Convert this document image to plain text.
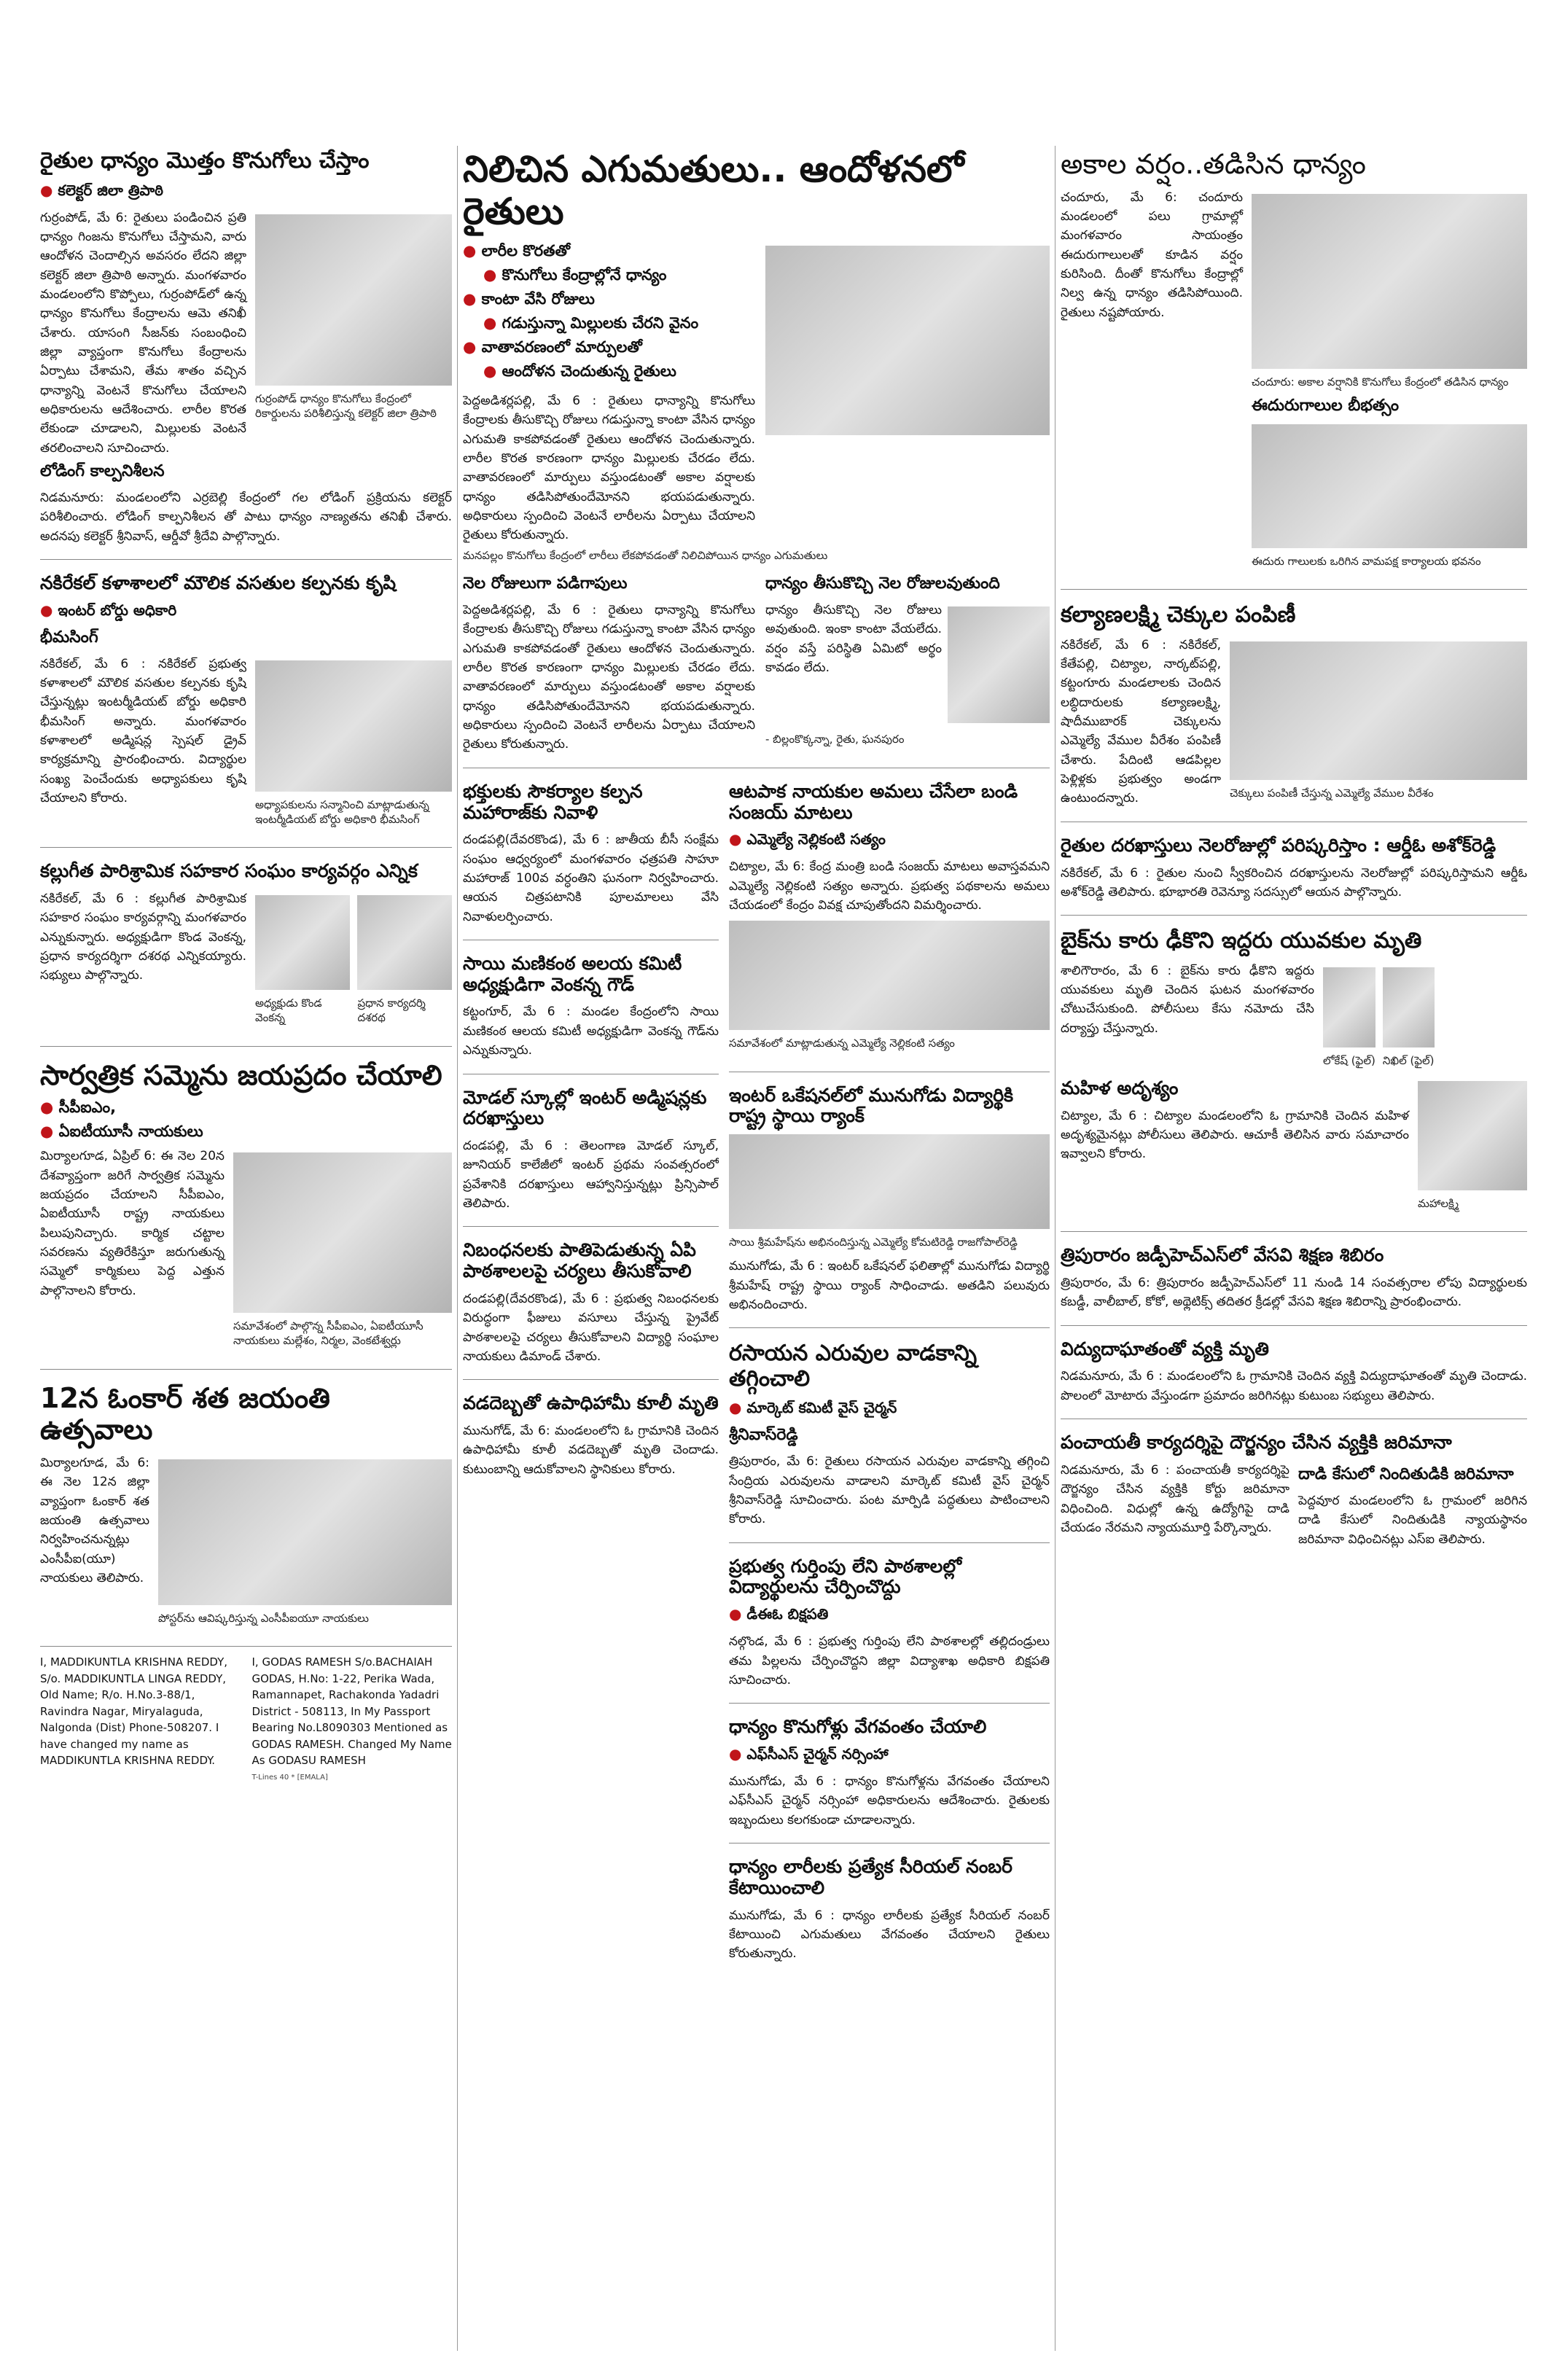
రైతుల ధాన్యం మొత్తం కొనుగోలు చేస్తాం
● కలెక్టర్ జిలా త్రిపాఠి
గుర్రంపోడ్, మే 6: రైతులు పండించిన ప్రతి ధాన్యం గింజను కొనుగోలు చేస్తామని, వారు ఆందోళన చెందాల్సిన అవసరం లేదని జిల్లా కలెక్టర్ జిలా త్రిపాఠి అన్నారు. మంగళవారం మండలంలోని కొప్పోలు, గుర్రంపోడ్‌లో ఉన్న ధాన్యం కొనుగోలు కేంద్రాలను ఆమె తనిఖీ చేశారు. యాసంగి సీజన్‌కు సంబంధించి జిల్లా వ్యాప్తంగా కొనుగోలు కేంద్రాలను ఏర్పాటు చేశామని, తేమ శాతం వచ్చిన ధాన్యాన్ని వెంటనే కొనుగోలు చేయాలని అధికారులను ఆదేశించారు. లారీల కొరత లేకుండా చూడాలని, మిల్లులకు వెంటనే తరలించాలని సూచించారు.
గుర్రంపోడ్ ధాన్యం కొనుగోలు కేంద్రంలో రికార్డులను పరిశీలిస్తున్న కలెక్టర్ జిలా త్రిపాఠి
లోడింగ్ కాల్పనిశీలన
నిడమనూరు: మండలంలోని ఎర్రబెల్లి కేంద్రంలో గల లోడింగ్ ప్రక్రియను కలెక్టర్ పరిశీలించారు. లోడింగ్ కాల్పనిశీలన తో పాటు ధాన్యం నాణ్యతను తనిఖీ చేశారు. అదనపు కలెక్టర్ శ్రీనివాస్, ఆర్డీవో శ్రీదేవి పాల్గొన్నారు.
నకిరేకల్ కళాశాలలో మౌలిక వసతుల కల్పనకు కృషి
● ఇంటర్ బోర్డు అధికారి
భీమసింగ్
నకిరేకల్, మే 6 : నకిరేకల్ ప్రభుత్వ కళాశాలలో మౌలిక వసతుల కల్పనకు కృషి చేస్తున్నట్లు ఇంటర్మీడియట్ బోర్డు అధికారి భీమసింగ్ అన్నారు. మంగళవారం కళాశాలలో అడ్మిషన్ల స్పెషల్ డ్రైవ్ కార్యక్రమాన్ని ప్రారంభించారు. విద్యార్థుల సంఖ్య పెంచేందుకు అధ్యాపకులు కృషి చేయాలని కోరారు.	అధ్యాపకులను సన్మానించి మాట్లాడుతున్న ఇంటర్మీడియట్ బోర్డు అధికారి భీమసింగ్
కల్లుగీత పారిశ్రామిక సహకార సంఘం కార్యవర్గం ఎన్నిక
నకిరేకల్, మే 6 : కల్లుగీత పారిశ్రామిక సహకార సంఘం కార్యవర్గాన్ని మంగళవారం ఎన్నుకున్నారు. అధ్యక్షుడిగా కొండ వెంకన్న, ప్రధాన కార్యదర్శిగా దశరథ ఎన్నికయ్యారు. సభ్యులు పాల్గొన్నారు.
అధ్యక్షుడు కొండ వెంకన్న
ప్రధాన కార్యదర్శి దశరథ
సార్వత్రిక సమ్మెను జయప్రదం చేయాలి
● సీపీఐఎం,
● ఏఐటీయూసీ నాయకులు
మిర్యాలగూడ, ఏప్రిల్ 6: ఈ నెల 20న దేశవ్యాప్తంగా జరిగే సార్వత్రిక సమ్మెను జయప్రదం చేయాలని సీపీఐఎం, ఏఐటీయూసీ రాష్ట్ర నాయకులు పిలుపునిచ్చారు. కార్మిక చట్టాల సవరణను వ్యతిరేకిస్తూ జరుగుతున్న సమ్మెలో కార్మికులు పెద్ద ఎత్తున పాల్గొనాలని కోరారు.
సమావేశంలో పాల్గొన్న సీపీఐఎం, ఏఐటీయూసీ నాయకులు మల్లేశం, నిర్మల, వెంకటేశ్వర్లు
12న ఓంకార్ శత జయంతి ఉత్సవాలు
మిర్యాలగూడ, మే 6: ఈ నెల 12న జిల్లా వ్యాప్తంగా ఓంకార్ శత జయంతి ఉత్సవాలు నిర్వహించనున్నట్లు ఎంసీపీఐ(యూ) నాయకులు తెలిపారు.
పోస్టర్‌ను ఆవిష్కరిస్తున్న ఎంసీపీఐయూ నాయకులు
I, MADDIKUNTLA KRISHNA REDDY, S/o. MADDIKUNTLA LINGA REDDY, Old Name; R/o. H.No.3-88/1, Ravindra Nagar, Miryalaguda, Nalgonda (Dist) Phone-508207. I have changed my name as MADDIKUNTLA KRISHNA REDDY.
I, GODAS RAMESH S/o.BACHAIAH GODAS, H.No: 1-22, Perika Wada, Ramannapet, Rachakonda Yadadri District - 508113, In My Passport Bearing No.L8090303 Mentioned as GODAS RAMESH. Changed My Name As GODASU RAMESH
T-Lines 40 * [EMALA]
నిలిచిన ఎగుమతులు.. ఆందోళనలో రైతులు
● లారీల కొరతతో
● కొనుగోలు కేంద్రాల్లోనే ధాన్యం
● కాంటా వేసి రోజులు
● గడుస్తున్నా మిల్లులకు చేరని వైనం
● వాతావరణంలో మార్పులతో
● ఆందోళన చెందుతున్న రైతులు
పెద్దఅడిశర్లపల్లి, మే 6 : రైతులు ధాన్యాన్ని కొనుగోలు కేంద్రాలకు తీసుకొచ్చి రోజులు గడుస్తున్నా కాంటా వేసిన ధాన్యం ఎగుమతి కాకపోవడంతో రైతులు ఆందోళన చెందుతున్నారు. లారీల కొరత కారణంగా ధాన్యం మిల్లులకు చేరడం లేదు. వాతావరణంలో మార్పులు వస్తుండటంతో అకాల వర్షాలకు ధాన్యం తడిసిపోతుందేమోనని భయపడుతున్నారు. అధికారులు స్పందించి వెంటనే లారీలను ఏర్పాటు చేయాలని రైతులు కోరుతున్నారు.
మనపల్లం కొనుగోలు కేంద్రంలో లారీలు లేకపోవడంతో నిలిచిపోయిన ధాన్యం ఎగుమతులు
నెల రోజులుగా పడిగాపులు
పెద్దఅడిశర్లపల్లి, మే 6 : రైతులు ధాన్యాన్ని కొనుగోలు కేంద్రాలకు తీసుకొచ్చి రోజులు గడుస్తున్నా కాంటా వేసిన ధాన్యం ఎగుమతి కాకపోవడంతో రైతులు ఆందోళన చెందుతున్నారు. లారీల కొరత కారణంగా ధాన్యం మిల్లులకు చేరడం లేదు. వాతావరణంలో మార్పులు వస్తుండటంతో అకాల వర్షాలకు ధాన్యం తడిసిపోతుందేమోనని భయపడుతున్నారు. అధికారులు స్పందించి వెంటనే లారీలను ఏర్పాటు చేయాలని రైతులు కోరుతున్నారు.
ధాన్యం తీసుకొచ్చి నెల రోజులవుతుంది
ధాన్యం తీసుకొచ్చి నెల రోజులు అవుతుంది. ఇంకా కాంటా వేయలేదు. వర్షం వస్తే పరిస్థితి ఏమిటో అర్థం కావడం లేదు.
- బిల్లంకొక్కన్నా, రైతు, ఘనపురం
భక్తులకు సౌకర్యాల కల్పన మహారాజ్‌కు నివాళి
దండపల్లి(దేవరకొండ), మే 6 : జాతీయ బీసీ సంక్షేమ సంఘం ఆధ్వర్యంలో మంగళవారం ఛత్రపతి సాహూ మహారాజ్ 100వ వర్ధంతిని ఘనంగా నిర్వహించారు. ఆయన చిత్రపటానికి పూలమాలలు వేసి నివాళులర్పించారు.
సాయి మణికంఠ అలయ కమిటీ అధ్యక్షుడిగా వెంకన్న గౌడ్
కట్టంగూర్, మే 6 : మండల కేంద్రంలోని సాయి మణికంఠ ఆలయ కమిటీ అధ్యక్షుడిగా వెంకన్న గౌడ్‌ను ఎన్నుకున్నారు.
మోడల్ స్కూల్లో ఇంటర్ అడ్మిషన్లకు దరఖాస్తులు
దండపల్లి, మే 6 : తెలంగాణ మోడల్ స్కూల్, జూనియర్ కాలేజీలో ఇంటర్ ప్రథమ సంవత్సరంలో ప్రవేశానికి దరఖాస్తులు ఆహ్వానిస్తున్నట్లు ప్రిన్సిపాల్ తెలిపారు.
నిబంధనలకు పాతిపెడుతున్న ఏపి పాఠశాలలపై చర్యలు తీసుకోవాలి
దండపల్లి(దేవరకొండ), మే 6 : ప్రభుత్వ నిబంధనలకు విరుద్ధంగా ఫీజులు వసూలు చేస్తున్న ప్రైవేట్ పాఠశాలలపై చర్యలు తీసుకోవాలని విద్యార్థి సంఘాల నాయకులు డిమాండ్ చేశారు.
వడదెబ్బతో ఉపాధిహామీ కూలీ మృతి
మునుగోడ్, మే 6: మండలంలోని ఓ గ్రామానికి చెందిన ఉపాధిహామీ కూలీ వడదెబ్బతో మృతి చెందాడు. కుటుంబాన్ని ఆదుకోవాలని స్థానికులు కోరారు.
ఆటపాక నాయకుల అమలు చేసేలా బండి సంజయ్ మాటలు
● ఎమ్మెల్యే నెల్లికంటి సత్యం
చిట్యాల, మే 6: కేంద్ర మంత్రి బండి సంజయ్ మాటలు అవాస్తవమని ఎమ్మెల్యే నెల్లికంటి సత్యం అన్నారు. ప్రభుత్వ పథకాలను అమలు చేయడంలో కేంద్రం వివక్ష చూపుతోందని విమర్శించారు.
సమావేశంలో మాట్లాడుతున్న ఎమ్మెల్యే నెల్లికంటి సత్యం
ఇంటర్ ఒకేషనల్‌లో మునుగోడు విద్యార్థికి రాష్ట్ర స్థాయి ర్యాంక్
సాయి శ్రీమహేష్‌ను అభినందిస్తున్న ఎమ్మెల్యే కోమటిరెడ్డి రాజగోపాల్‌రెడ్డి
మునుగోడు, మే 6 : ఇంటర్ ఒకేషనల్ ఫలితాల్లో మునుగోడు విద్యార్థి శ్రీమహేష్ రాష్ట్ర స్థాయి ర్యాంక్ సాధించాడు. అతడిని పలువురు అభినందించారు.
రసాయన ఎరువుల వాడకాన్ని తగ్గించాలి
● మార్కెట్ కమిటీ వైస్ చైర్మన్
శ్రీనివాస్‌రెడ్డి
త్రిపురారం, మే 6: రైతులు రసాయన ఎరువుల వాడకాన్ని తగ్గించి సేంద్రియ ఎరువులను వాడాలని మార్కెట్ కమిటీ వైస్ చైర్మన్ శ్రీనివాస్‌రెడ్డి సూచించారు. పంట మార్పిడి పద్ధతులు పాటించాలని కోరారు.
ప్రభుత్వ గుర్తింపు లేని పాఠశాలల్లో విద్యార్థులను చేర్పించొద్దు
● డీఈఓ బిక్షపతి
నల్గొండ, మే 6 : ప్రభుత్వ గుర్తింపు లేని పాఠశాలల్లో తల్లిదండ్రులు తమ పిల్లలను చేర్పించొద్దని జిల్లా విద్యాశాఖ అధికారి బిక్షపతి సూచించారు.
ధాన్యం కొనుగోళ్లు వేగవంతం చేయాలి
● ఎఫ్‌సీఎస్ చైర్మన్ నర్సింహా
మునుగోడు, మే 6 : ధాన్యం కొనుగోళ్లను వేగవంతం చేయాలని ఎఫ్‌సీఎస్ చైర్మన్ నర్సింహా అధికారులను ఆదేశించారు. రైతులకు ఇబ్బందులు కలగకుండా చూడాలన్నారు.
ధాన్యం లారీలకు ప్రత్యేక సీరియల్ నంబర్ కేటాయించాలి
మునుగోడు, మే 6 : ధాన్యం లారీలకు ప్రత్యేక సీరియల్ నంబర్ కేటాయించి ఎగుమతులు వేగవంతం చేయాలని రైతులు కోరుతున్నారు.
అకాల వర్షం..తడిసిన ధాన్యం
చందూరు, మే 6: చందూరు మండలంలో పలు గ్రామాల్లో మంగళవారం సాయంత్రం ఈదురుగాలులతో కూడిన వర్షం కురిసింది. దీంతో కొనుగోలు కేంద్రాల్లో నిల్వ ఉన్న ధాన్యం తడిసిపోయింది. రైతులు నష్టపోయారు.
చందూరు: అకాల వర్షానికి కొనుగోలు కేంద్రంలో తడిసిన ధాన్యం
ఈదురుగాలుల బీభత్సం
ఈదురు గాలులకు ఒరిగిన వామపక్ష కార్యాలయ భవనం
కల్యాణలక్ష్మి చెక్కుల పంపిణీ
నకిరేకల్, మే 6 : నకిరేకల్, కేతేపల్లి, చిట్యాల, నార్కట్‌పల్లి, కట్టంగూరు మండలాలకు చెందిన లబ్ధిదారులకు కల్యాణలక్ష్మి, షాదీముబారక్ చెక్కులను ఎమ్మెల్యే వేముల వీరేశం పంపిణీ చేశారు. పేదింటి ఆడపిల్లల పెళ్లిళ్లకు ప్రభుత్వం అండగా ఉంటుందన్నారు.	చెక్కులు పంపిణీ చేస్తున్న ఎమ్మెల్యే వేముల వీరేశం
రైతుల దరఖాస్తులు నెలరోజుల్లో పరిష్కరిస్తాం : ఆర్డీఓ అశోక్‌రెడ్డి
నకిరేకల్, మే 6 : రైతుల నుంచి స్వీకరించిన దరఖాస్తులను నెలరోజుల్లో పరిష్కరిస్తామని ఆర్డీఓ అశోక్‌రెడ్డి తెలిపారు. భూభారతి రెవెన్యూ సదస్సులో ఆయన పాల్గొన్నారు.
బైక్‌ను కారు ఢీకొని ఇద్దరు యువకుల మృతి
శాలిగౌరారం, మే 6 : బైక్‌ను కారు ఢీకొని ఇద్దరు యువకులు మృతి చెందిన ఘటన మంగళవారం చోటుచేసుకుంది. పోలీసులు కేసు నమోదు చేసి దర్యాప్తు చేస్తున్నారు.
లోకేష్ (ఫైల్) నిఖిల్ (ఫైల్)
మహిళ అదృశ్యం
చిట్యాల, మే 6 : చిట్యాల మండలంలోని ఓ గ్రామానికి చెందిన మహిళ అదృశ్యమైనట్లు పోలీసులు తెలిపారు. ఆచూకీ తెలిసిన వారు సమాచారం ఇవ్వాలని కోరారు.
మహాలక్ష్మి
త్రిపురారం జడ్పీహెచ్ఎస్‌లో వేసవి శిక్షణ శిబిరం
త్రిపురారం, మే 6: త్రిపురారం జడ్పీహెచ్ఎస్‌లో 11 నుండి 14 సంవత్సరాల లోపు విద్యార్థులకు కబడ్డీ, వాలీబాల్, కోకో, అథ్లెటిక్స్‌ తదితర క్రీడల్లో వేసవి శిక్షణ శిబిరాన్ని ప్రారంభించారు.
విద్యుదాఘాతంతో వ్యక్తి మృతి
నిడమనూరు, మే 6 : మండలంలోని ఓ గ్రామానికి చెందిన వ్యక్తి విద్యుదాఘాతంతో మృతి చెందాడు. పొలంలో మోటారు వేస్తుండగా ప్రమాదం జరిగినట్లు కుటుంబ సభ్యులు తెలిపారు.
పంచాయతీ కార్యదర్శిపై దౌర్జన్యం చేసిన వ్యక్తికి జరిమానా
నిడమనూరు, మే 6 : పంచాయతీ కార్యదర్శిపై దౌర్జన్యం చేసిన వ్యక్తికి కోర్టు జరిమానా విధించింది. విధుల్లో ఉన్న ఉద్యోగిపై దాడి చేయడం నేరమని న్యాయమూర్తి పేర్కొన్నారు.
దాడి కేసులో నిందితుడికి జరిమానా
పెద్దవూర మండలంలోని ఓ గ్రామంలో జరిగిన దాడి కేసులో నిందితుడికి న్యాయస్థానం జరిమానా విధించినట్లు ఎస్ఐ తెలిపారు.
